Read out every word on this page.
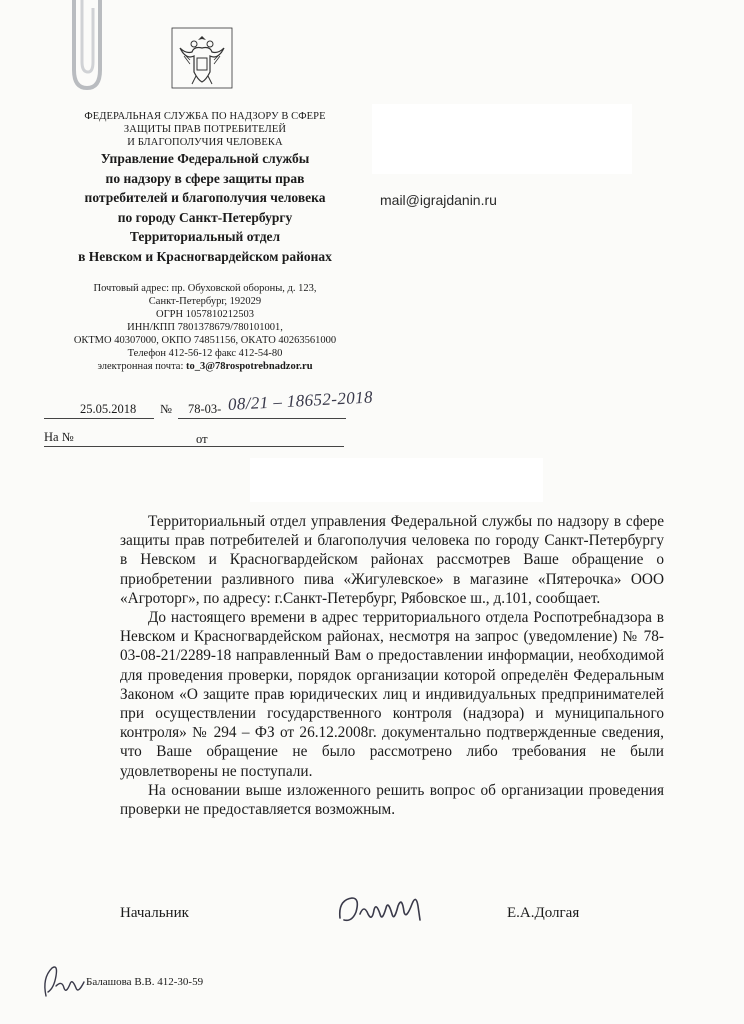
ФЕДЕРАЛЬНАЯ СЛУЖБА ПО НАДЗОРУ В СФЕРЕ
ЗАЩИТЫ ПРАВ ПОТРЕБИТЕЛЕЙ
И БЛАГОПОЛУЧИЯ ЧЕЛОВЕКА
Управление Федеральной службы
по надзору в сфере защиты прав
потребителей и благополучия человека
по городу Санкт-Петербургу
Территориальный отдел
в Невском и Красногвардейском районах
Почтовый адрес: пр. Обуховской обороны, д. 123,
Санкт-Петербург, 192029
ОГРН 1057810212503
ИНН/КПП 7801378679/780101001,
ОКТМО 40307000, ОКПО 74851156, ОКАТО 40263561000
Телефон 412-56-12 факс 412-54-80
электронная почта: to_3@78rospotrebnadzor.ru
mail@igrajdanin.ru
25.05.2018 № 78-03- 08/21 – 18652-2018
На №	от

Территориальный отдел управления Федеральной службы по надзору в сфере защиты прав потребителей и благополучия человека по городу Санкт-Петербургу в Невском и Красногвардейском районах рассмотрев Ваше обращение о приобретении разливного пива «Жигулевское» в магазине «Пятерочка» ООО «Агроторг», по адресу: г.Санкт-Петербург, Рябовское ш., д.101, сообщает.

До настоящего времени в адрес территориального отдела Роспотребнадзора в Невском и Красногвардейском районах, несмотря на запрос (уведомление) № 78-03-08-21/2289-18 направленный Вам о предоставлении информации, необходимой для проведения проверки, порядок организации которой определён Федеральным Законом «О защите прав юридических лиц и индивидуальных предпринимателей при осуществлении государственного контроля (надзора) и муниципального контроля» № 294 – ФЗ от 26.12.2008г. документально подтвержденные сведения, что Ваше обращение не было рассмотрено либо требования не были удовлетворены не поступали.

На основании выше изложенного решить вопрос об организации проведения проверки не предоставляется возможным.

Начальник	Е.А.Долгая
Балашова В.В. 412-30-59
